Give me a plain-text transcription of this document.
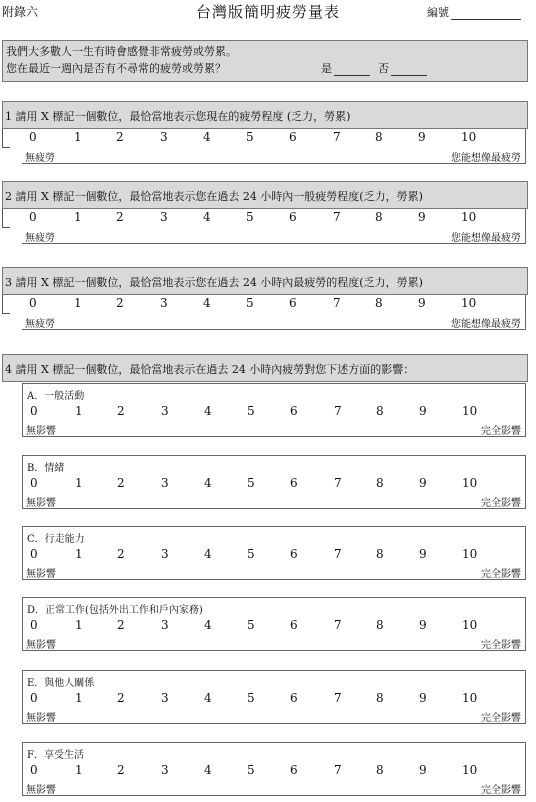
附錄六	台灣版簡明疲勞量表	編號
我們大多數人一生有時會感覺非常疲勞或勞累。
您在最近一週內是否有不尋常的疲勞或勞累？	是	否
1 請用 X 標記一個數位，最恰當地表示您現在的疲勞程度 (乏力，勞累)
0	1	2	3	4	5	6	7	8	9	10
無疲勞	您能想像最疲勞
2 請用 X 標記一個數位，最恰當地表示您在過去 24 小時內一般疲勞程度(乏力，勞累)
0	1	2	3	4	5	6	7	8	9	10
無疲勞	您能想像最疲勞
3 請用 X 標記一個數位，最恰當地表示您在過去 24 小時內最疲勞的程度(乏力，勞累)
0	1	2	3	4	5	6	7	8	9	10
無疲勞	您能想像最疲勞
4 請用 X 標記一個數位，最恰當地表示在過去 24 小時內疲勞對您下述方面的影響：
A．一般活動
0	1	2	3	4	5	6	7	8	9	10
無影響	完全影響
B．情緒
0	1	2	3	4	5	6	7	8	9	10
無影響	完全影響
C．行走能力
0	1	2	3	4	5	6	7	8	9	10
無影響	完全影響
D．正常工作(包括外出工作和戶內家務)
0	1	2	3	4	5	6	7	8	9	10
無影響	完全影響
E．與他人關係
0	1	2	3	4	5	6	7	8	9	10
無影響	完全影響
F．享受生活
0	1	2	3	4	5	6	7	8	9	10
無影響	完全影響
